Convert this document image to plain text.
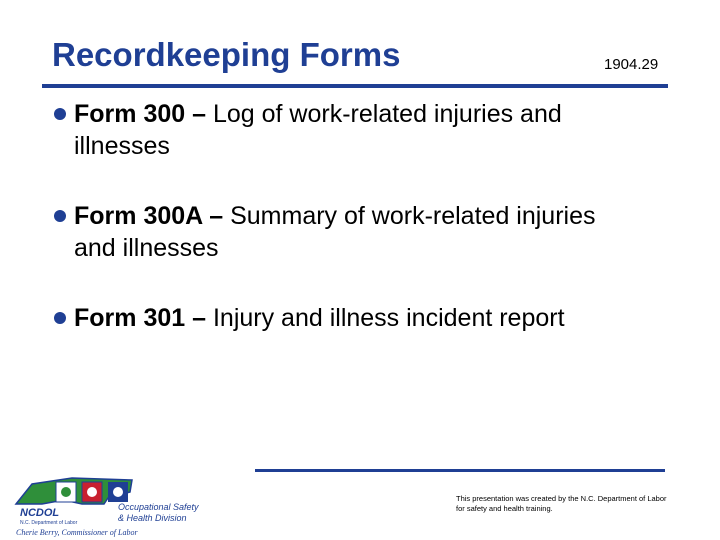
Recordkeeping Forms	1904.29
Form 300 – Log of work-related injuries and illnesses
Form 300A – Summary of work-related injuries and illnesses
Form 301 – Injury and illness incident report
NCDOL
N.C. Department of Labor
Cherie Berry, Commissioner of Labor
Occupational Safety
& Health Division
This presentation was created by the N.C. Department of Labor for safety and health training.
